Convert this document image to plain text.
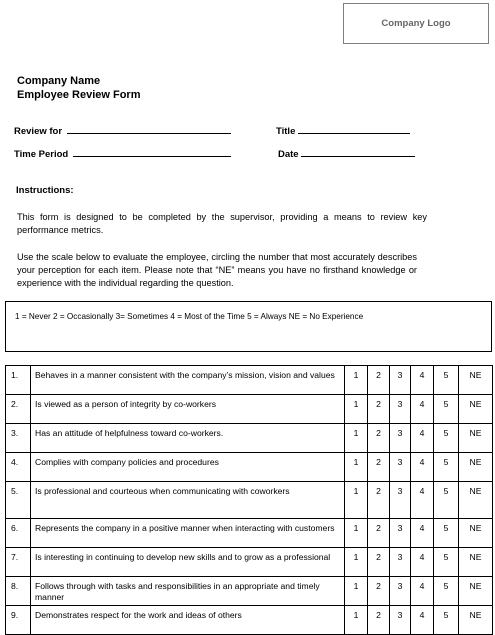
Company Logo
Company Name
Employee Review Form
Review for	Title
Time Period	Date
Instructions:
This form is designed to be completed by the supervisor, providing a means to review key performance metrics.
Use the scale below to evaluate the employee, circling the number that most accurately describes your perception for each item. Please note that “NE” means you have no firsthand knowledge or experience with the individual regarding the question.
1 = Never 2 = Occasionally 3= Sometimes 4 = Most of the Time 5 = Always NE = No Experience
1.	Behaves in a manner consistent with the company’s mission, vision and values	1	2	3	4	5	NE
2.	Is viewed as a person of integrity by co-workers	1	2	3	4	5	NE
3.	Has an attitude of helpfulness toward co-workers.	1	2	3	4	5	NE
4.	Complies with company policies and procedures	1	2	3	4	5	NE
5.	Is professional and courteous when communicating with coworkers	1	2	3	4	5	NE
6.	Represents the company in a positive manner when interacting with customers	1	2	3	4	5	NE
7.	Is interesting in continuing to develop new skills and to grow as a professional	1	2	3	4	5	NE
8.	Follows through with tasks and responsibilities in an appropriate and timely manner	1	2	3	4	5	NE
9.	Demonstrates respect for the work and ideas of others	1	2	3	4	5	NE
